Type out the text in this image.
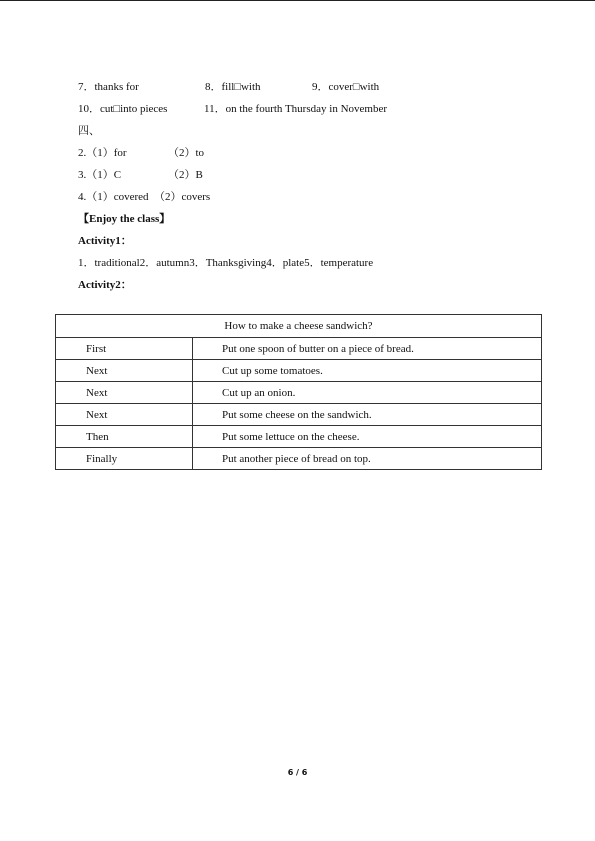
7．thanks for	8．fill□with	9．cover□with
10．cut□into pieces	11．on the fourth Thursday in November
四、
2.（1）for	（2）to
3.（1）C	（2）B
4.（1）covered （2）covers
【Enjoy the class】
Activity1：
1．traditional2．autumn3．Thanksgiving4．plate5．temperature
Activity2：
How to make a cheese sandwich?	
First	Put one spoon of butter on a piece of bread.
Next	Cut up some tomatoes.
Next	Cut up an onion.
Next	Put some cheese on the sandwich.
Then	Put some lettuce on the cheese.
Finally	Put another piece of bread on top.
6 / 6
